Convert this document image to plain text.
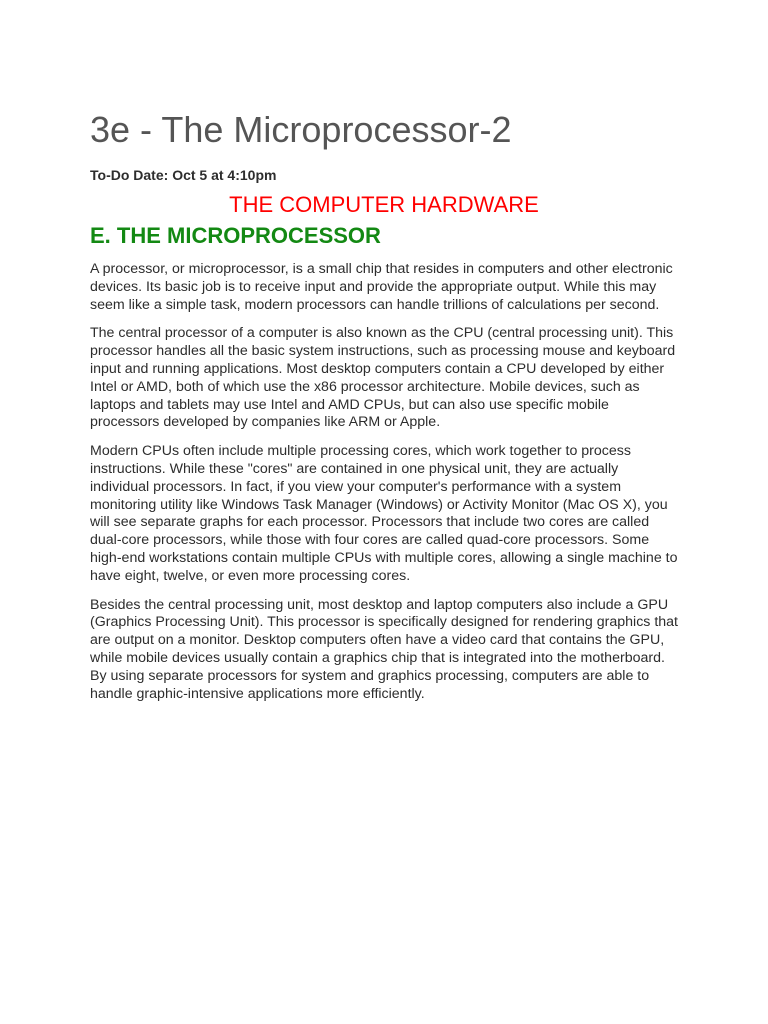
3e - The Microprocessor-2
To-Do Date: Oct 5 at 4:10pm
THE COMPUTER HARDWARE
E. THE MICROPROCESSOR

A processor, or microprocessor, is a small chip that resides in computers and other electronic devices. Its basic job is to receive input and provide the appropriate output. While this may seem like a simple task, modern processors can handle trillions of calculations per second.

The central processor of a computer is also known as the CPU (central processing unit). This processor handles all the basic system instructions, such as processing mouse and keyboard input and running applications. Most desktop computers contain a CPU developed by either Intel or AMD, both of which use the x86 processor architecture. Mobile devices, such as laptops and tablets may use Intel and AMD CPUs, but can also use specific mobile processors developed by companies like ARM or Apple.

Modern CPUs often include multiple processing cores, which work together to process instructions. While these "cores" are contained in one physical unit, they are actually individual processors. In fact, if you view your computer's performance with a system monitoring utility like Windows Task Manager (Windows) or Activity Monitor (Mac OS X), you will see separate graphs for each processor. Processors that include two cores are called dual-core processors, while those with four cores are called quad-core processors. Some high-end workstations contain multiple CPUs with multiple cores, allowing a single machine to have eight, twelve, or even more processing cores.

Besides the central processing unit, most desktop and laptop computers also include a GPU (Graphics Processing Unit). This processor is specifically designed for rendering graphics that are output on a monitor. Desktop computers often have a video card that contains the GPU, while mobile devices usually contain a graphics chip that is integrated into the motherboard. By using separate processors for system and graphics processing, computers are able to handle graphic-intensive applications more efficiently.
